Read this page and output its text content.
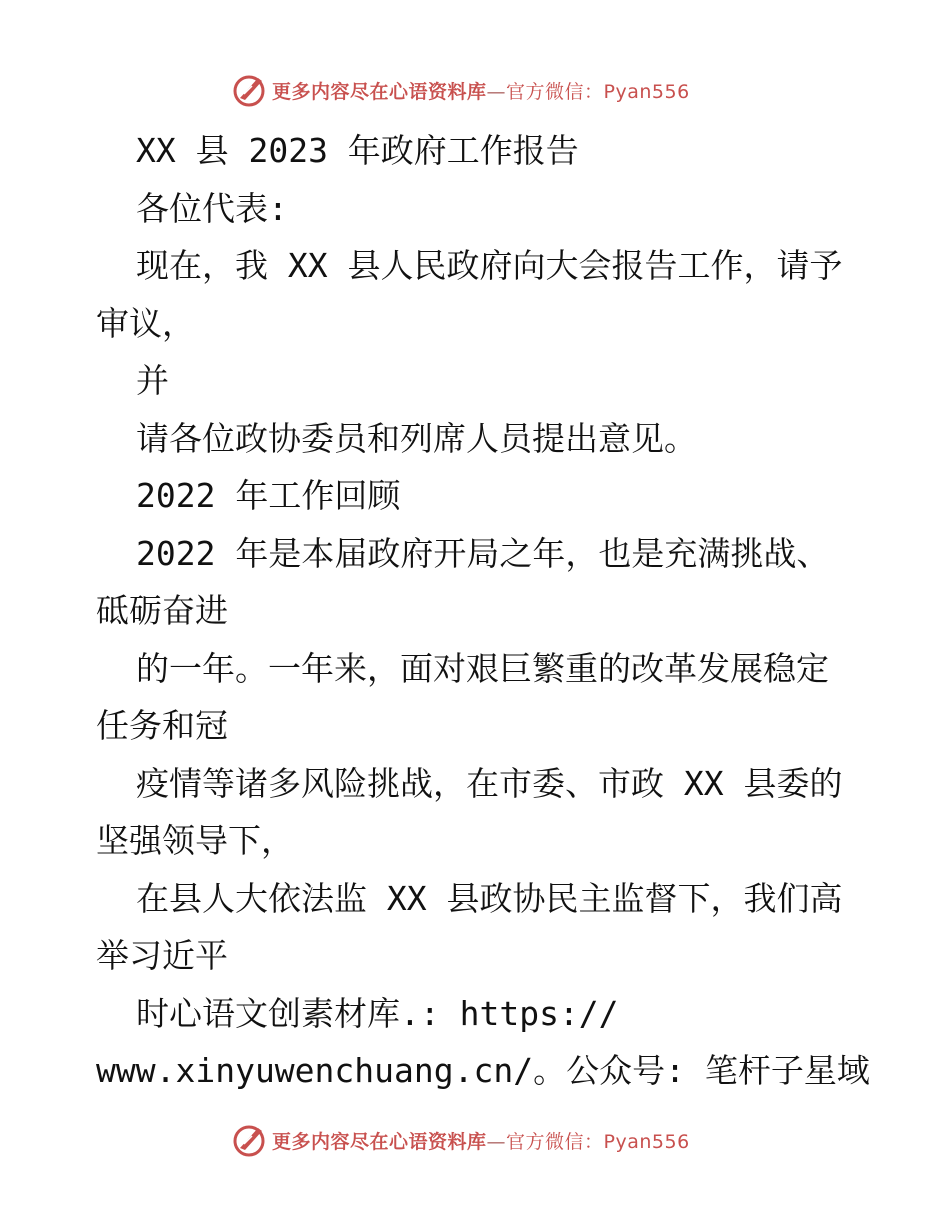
更多内容尽在心语资料库—官方微信：Pyan556
XX 县 2023 年政府工作报告
各位代表:
现在，我 XX 县人民政府向大会报告工作，请予
审议，
并
请各位政协委员和列席人员提出意见。
2022 年工作回顾
2022 年是本届政府开局之年，也是充满挑战、
砥砺奋进
的一年。一年来，面对艰巨繁重的改革发展稳定
任务和冠
疫情等诸多风险挑战，在市委、市政 XX 县委的
坚强领导下，
在县人大依法监 XX 县政协民主监督下，我们高
举习近平
时心语文创素材库.: https://
www.xinyuwenchuang.cn/。公众号: 笔杆子星域
更多内容尽在心语资料库—官方微信：Pyan556
